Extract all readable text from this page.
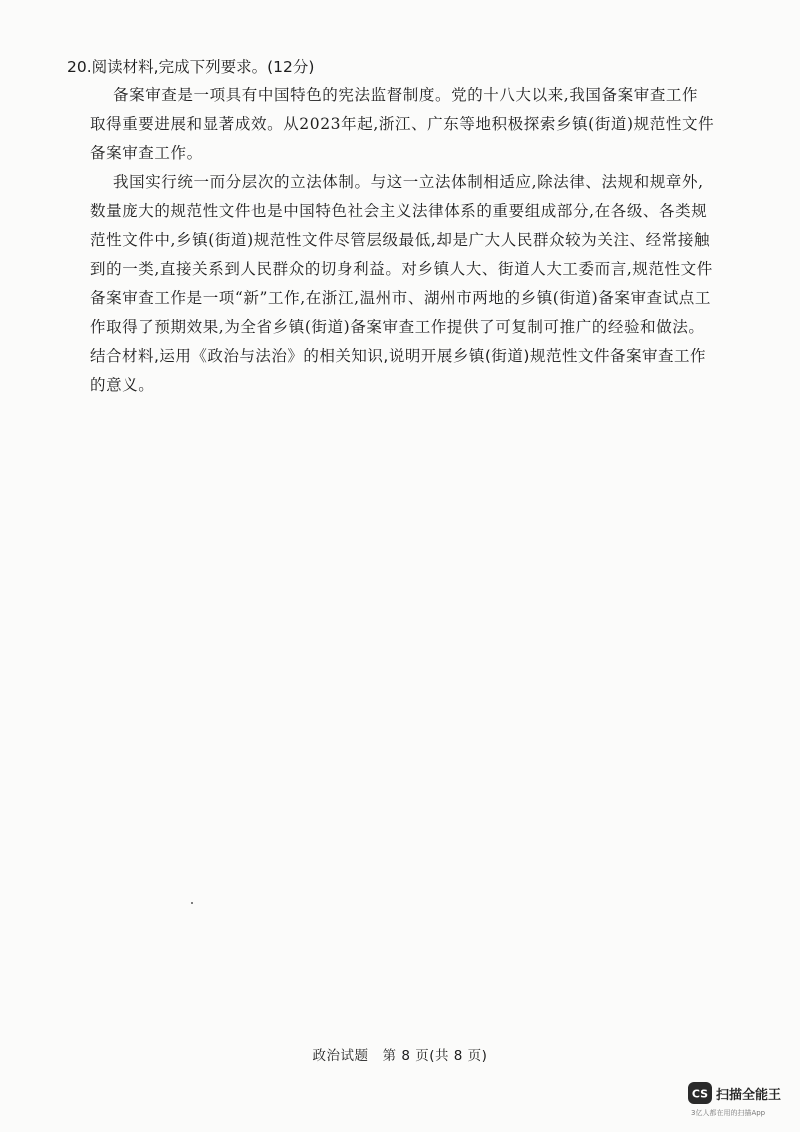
20.阅读材料,完成下列要求。(12分)
备案审查是一项具有中国特色的宪法监督制度。党的十八大以来,我国备案审查工作
取得重要进展和显著成效。从2023年起,浙江、广东等地积极探索乡镇(街道)规范性文件
备案审查工作。
我国实行统一而分层次的立法体制。与这一立法体制相适应,除法律、法规和规章外,
数量庞大的规范性文件也是中国特色社会主义法律体系的重要组成部分,在各级、各类规
范性文件中,乡镇(街道)规范性文件尽管层级最低,却是广大人民群众较为关注、经常接触
到的一类,直接关系到人民群众的切身利益。对乡镇人大、街道人大工委而言,规范性文件
备案审查工作是一项“新”工作,在浙江,温州市、湖州市两地的乡镇(街道)备案审查试点工
作取得了预期效果,为全省乡镇(街道)备案审查工作提供了可复制可推广的经验和做法。
结合材料,运用《政治与法治》的相关知识,说明开展乡镇(街道)规范性文件备案审查工作
的意义。
政治试题　第 8 页(共 8 页)
CS 扫描全能王
3亿人都在用的扫描App
